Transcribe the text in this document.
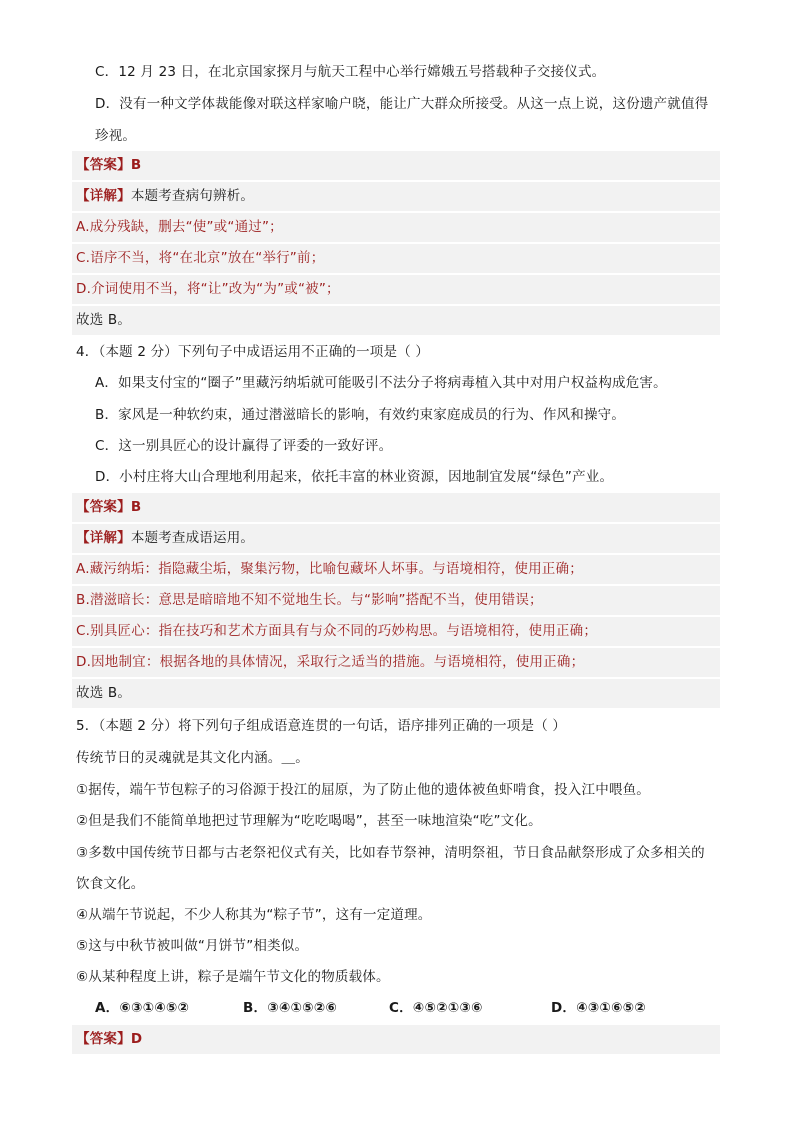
C．12 月 23 日，在北京国家探月与航天工程中心举行嫦娥五号搭载种子交接仪式。
D．没有一种文学体裁能像对联这样家喻户晓，能让广大群众所接受。从这一点上说，这份遗产就值得
珍视。
【答案】B
【详解】本题考查病句辨析。
A.成分残缺，删去“使”或“通过”；
C.语序不当，将“在北京”放在“举行”前；
D.介词使用不当，将“让”改为“为”或“被”；
故选 B。
4．（本题 2 分）下列句子中成语运用不正确的一项是（ ）
A．如果支付宝的“圈子”里藏污纳垢就可能吸引不法分子将病毒植入其中对用户权益构成危害。
B．家风是一种软约束，通过潜滋暗长的影响，有效约束家庭成员的行为、作风和操守。
C．这一别具匠心的设计赢得了评委的一致好评。
D．小村庄将大山合理地利用起来，依托丰富的林业资源，因地制宜发展“绿色”产业。
【答案】B
【详解】本题考查成语运用。
A.藏污纳垢：指隐藏尘垢，聚集污物，比喻包藏坏人坏事。与语境相符，使用正确；
B.潜滋暗长：意思是暗暗地不知不觉地生长。与“影响”搭配不当，使用错误；
C.别具匠心：指在技巧和艺术方面具有与众不同的巧妙构思。与语境相符，使用正确；
D.因地制宜：根据各地的具体情况，采取行之适当的措施。与语境相符，使用正确；
故选 B。
5．（本题 2 分）将下列句子组成语意连贯的一句话，语序排列正确的一项是（ ）
传统节日的灵魂就是其文化内涵。＿。
①据传，端午节包粽子的习俗源于投江的屈原，为了防止他的遗体被鱼虾啃食，投入江中喂鱼。
②但是我们不能简单地把过节理解为“吃吃喝喝”，甚至一味地渲染“吃”文化。
③多数中国传统节日都与古老祭祀仪式有关，比如春节祭神，清明祭祖，节日食品献祭形成了众多相关的
饮食文化。
④从端午节说起，不少人称其为“粽子节”，这有一定道理。
⑤这与中秋节被叫做“月饼节”相类似。
⑥从某种程度上讲，粽子是端午节文化的物质载体。
A．⑥③①④⑤②	B．③④①⑤②⑥	C．④⑤②①③⑥	D．④③①⑥⑤②
【答案】D
